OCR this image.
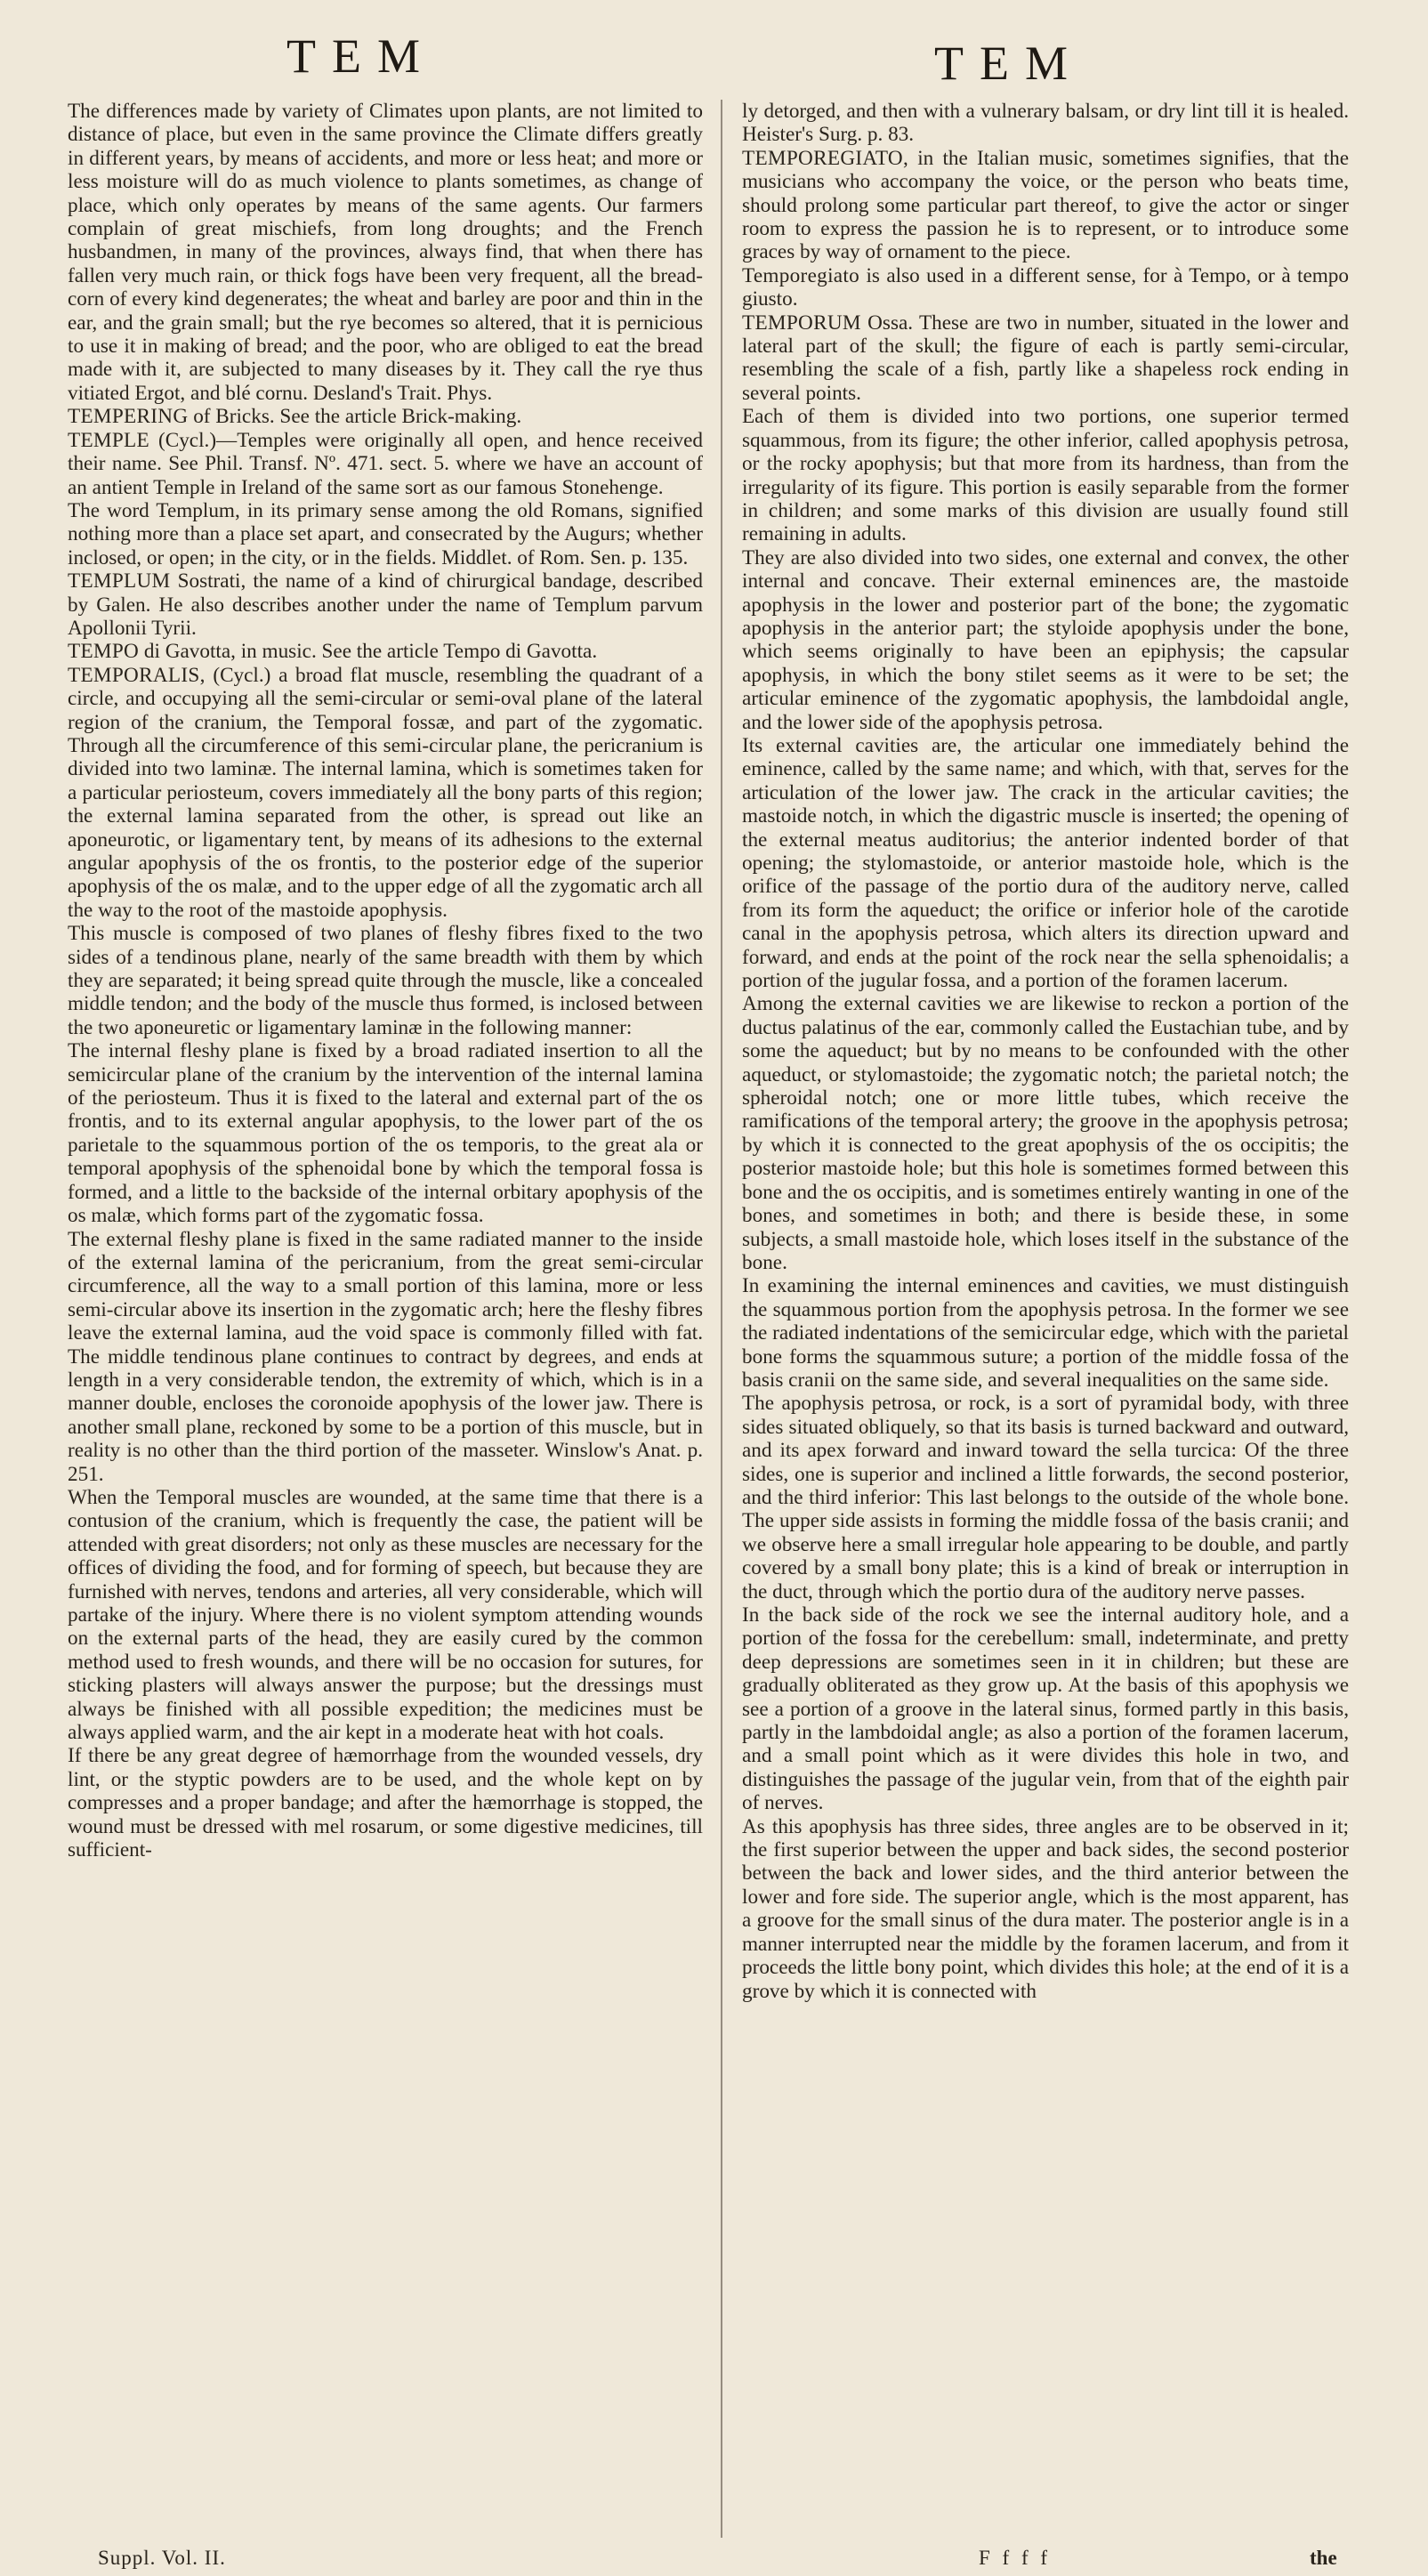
TEM	TEM

The differences made by variety of Climates upon plants, are not limited to distance of place, but even in the same province the Climate differs greatly in different years, by means of accidents, and more or less heat; and more or less moisture will do as much violence to plants sometimes, as change of place, which only operates by means of the same agents. Our farmers complain of great mischiefs, from long droughts; and the French husbandmen, in many of the provinces, always find, that when there has fallen very much rain, or thick fogs have been very frequent, all the bread-corn of every kind degenerates; the wheat and barley are poor and thin in the ear, and the grain small; but the rye becomes so altered, that it is pernicious to use it in making of bread; and the poor, who are obliged to eat the bread made with it, are subjected to many diseases by it. They call the rye thus vitiated Ergot, and blé cornu. Desland's Trait. Phys.

TEMPERING of Bricks. See the article Brick-making.

TEMPLE (Cycl.)—Temples were originally all open, and hence received their name. See Phil. Transf. Nº. 471. sect. 5. where we have an account of an antient Temple in Ireland of the same sort as our famous Stonehenge.

The word Templum, in its primary sense among the old Romans, signified nothing more than a place set apart, and consecrated by the Augurs; whether inclosed, or open; in the city, or in the fields. Middlet. of Rom. Sen. p. 135.

TEMPLUM Sostrati, the name of a kind of chirurgical bandage, described by Galen. He also describes another under the name of Templum parvum Apollonii Tyrii.

TEMPO di Gavotta, in music. See the article Tempo di Gavotta.

TEMPORALIS, (Cycl.) a broad flat muscle, resembling the quadrant of a circle, and occupying all the semi-circular or semi-oval plane of the lateral region of the cranium, the Temporal fossæ, and part of the zygomatic. Through all the circumference of this semi-circular plane, the pericranium is divided into two laminæ. The internal lamina, which is sometimes taken for a particular periosteum, covers immediately all the bony parts of this region; the external lamina separated from the other, is spread out like an aponeurotic, or ligamentary tent, by means of its adhesions to the external angular apophysis of the os frontis, to the posterior edge of the superior apophysis of the os malæ, and to the upper edge of all the zygomatic arch all the way to the root of the mastoide apophysis.

This muscle is composed of two planes of fleshy fibres fixed to the two sides of a tendinous plane, nearly of the same breadth with them by which they are separated; it being spread quite through the muscle, like a concealed middle tendon; and the body of the muscle thus formed, is inclosed between the two aponeuretic or ligamentary laminæ in the following manner:

The internal fleshy plane is fixed by a broad radiated insertion to all the semicircular plane of the cranium by the intervention of the internal lamina of the periosteum. Thus it is fixed to the lateral and external part of the os frontis, and to its external angular apophysis, to the lower part of the os parietale to the squammous portion of the os temporis, to the great ala or temporal apophysis of the sphenoidal bone by which the temporal fossa is formed, and a little to the backside of the internal orbitary apophysis of the os malæ, which forms part of the zygomatic fossa.

The external fleshy plane is fixed in the same radiated manner to the inside of the external lamina of the pericranium, from the great semi-circular circumference, all the way to a small portion of this lamina, more or less semi-circular above its insertion in the zygomatic arch; here the fleshy fibres leave the external lamina, aud the void space is commonly filled with fat. The middle tendinous plane continues to contract by degrees, and ends at length in a very considerable tendon, the extremity of which, which is in a manner double, encloses the coronoide apophysis of the lower jaw. There is another small plane, reckoned by some to be a portion of this muscle, but in reality is no other than the third portion of the masseter. Winslow's Anat. p. 251.

When the Temporal muscles are wounded, at the same time that there is a contusion of the cranium, which is frequently the case, the patient will be attended with great disorders; not only as these muscles are necessary for the offices of dividing the food, and for forming of speech, but because they are furnished with nerves, tendons and arteries, all very considerable, which will partake of the injury. Where there is no violent symptom attending wounds on the external parts of the head, they are easily cured by the common method used to fresh wounds, and there will be no occasion for sutures, for sticking plasters will always answer the purpose; but the dressings must always be finished with all possible expedition; the medicines must be always applied warm, and the air kept in a moderate heat with hot coals.

If there be any great degree of hæmorrhage from the wounded vessels, dry lint, or the styptic powders are to be used, and the whole kept on by compresses and a proper bandage; and after the hæmorrhage is stopped, the wound must be dressed with mel rosarum, or some digestive medicines, till sufficient-

ly detorged, and then with a vulnerary balsam, or dry lint till it is healed. Heister's Surg. p. 83.

TEMPOREGIATO, in the Italian music, sometimes signifies, that the musicians who accompany the voice, or the person who beats time, should prolong some particular part thereof, to give the actor or singer room to express the passion he is to represent, or to introduce some graces by way of ornament to the piece.

Temporegiato is also used in a different sense, for à Tempo, or à tempo giusto.

TEMPORUM Ossa. These are two in number, situated in the lower and lateral part of the skull; the figure of each is partly semi-circular, resembling the scale of a fish, partly like a shapeless rock ending in several points.

Each of them is divided into two portions, one superior termed squammous, from its figure; the other inferior, called apophysis petrosa, or the rocky apophysis; but that more from its hardness, than from the irregularity of its figure. This portion is easily separable from the former in children; and some marks of this division are usually found still remaining in adults.

They are also divided into two sides, one external and convex, the other internal and concave. Their external eminences are, the mastoide apophysis in the lower and posterior part of the bone; the zygomatic apophysis in the anterior part; the styloide apophysis under the bone, which seems originally to have been an epiphysis; the capsular apophysis, in which the bony stilet seems as it were to be set; the articular eminence of the zygomatic apophysis, the lambdoidal angle, and the lower side of the apophysis petrosa.

Its external cavities are, the articular one immediately behind the eminence, called by the same name; and which, with that, serves for the articulation of the lower jaw. The crack in the articular cavities; the mastoide notch, in which the digastric muscle is inserted; the opening of the external meatus auditorius; the anterior indented border of that opening; the stylomastoide, or anterior mastoide hole, which is the orifice of the passage of the portio dura of the auditory nerve, called from its form the aqueduct; the orifice or inferior hole of the carotide canal in the apophysis petrosa, which alters its direction upward and forward, and ends at the point of the rock near the sella sphenoidalis; a portion of the jugular fossa, and a portion of the foramen lacerum.

Among the external cavities we are likewise to reckon a portion of the ductus palatinus of the ear, commonly called the Eustachian tube, and by some the aqueduct; but by no means to be confounded with the other aqueduct, or stylomastoide; the zygomatic notch; the parietal notch; the spheroidal notch; one or more little tubes, which receive the ramifications of the temporal artery; the groove in the apophysis petrosa; by which it is connected to the great apophysis of the os occipitis; the posterior mastoide hole; but this hole is sometimes formed between this bone and the os occipitis, and is sometimes entirely wanting in one of the bones, and sometimes in both; and there is beside these, in some subjects, a small mastoide hole, which loses itself in the substance of the bone.

In examining the internal eminences and cavities, we must distinguish the squammous portion from the apophysis petrosa. In the former we see the radiated indentations of the semicircular edge, which with the parietal bone forms the squammous suture; a portion of the middle fossa of the basis cranii on the same side, and several inequalities on the same side.

The apophysis petrosa, or rock, is a sort of pyramidal body, with three sides situated obliquely, so that its basis is turned backward and outward, and its apex forward and inward toward the sella turcica: Of the three sides, one is superior and inclined a little forwards, the second posterior, and the third inferior: This last belongs to the outside of the whole bone. The upper side assists in forming the middle fossa of the basis cranii; and we observe here a small irregular hole appearing to be double, and partly covered by a small bony plate; this is a kind of break or interruption in the duct, through which the portio dura of the auditory nerve passes.

In the back side of the rock we see the internal auditory hole, and a portion of the fossa for the cerebellum: small, indeterminate, and pretty deep depressions are sometimes seen in it in children; but these are gradually obliterated as they grow up. At the basis of this apophysis we see a portion of a groove in the lateral sinus, formed partly in this basis, partly in the lambdoidal angle; as also a portion of the foramen lacerum, and a small point which as it were divides this hole in two, and distinguishes the passage of the jugular vein, from that of the eighth pair of nerves.

As this apophysis has three sides, three angles are to be observed in it; the first superior between the upper and back sides, the second posterior between the back and lower sides, and the third anterior between the lower and fore side. The superior angle, which is the most apparent, has a groove for the small sinus of the dura mater. The posterior angle is in a manner interrupted near the middle by the foramen lacerum, and from it proceeds the little bony point, which divides this hole; at the end of it is a grove by which it is connected with

Suppl. Vol. II.	F f f f	the
